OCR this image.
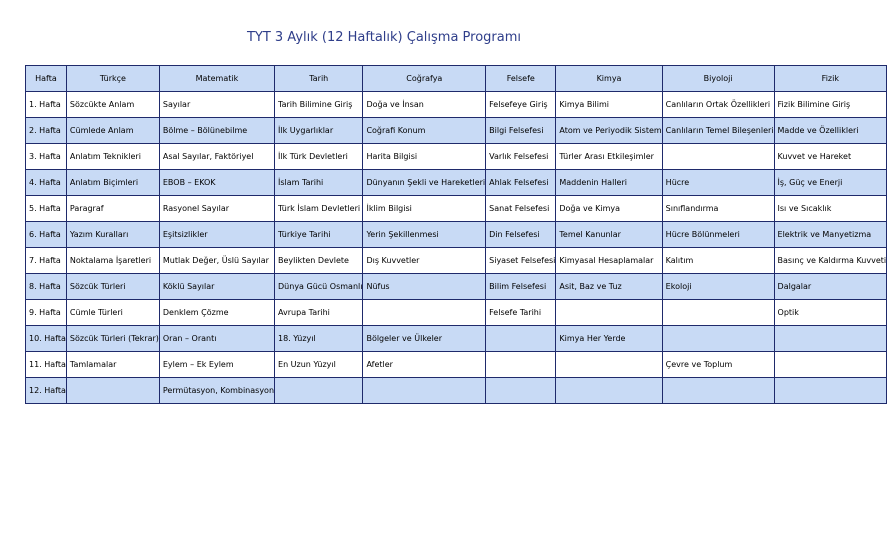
TYT 3 Aylık (12 Haftalık) Çalışma Programı
Hafta	Türkçe	Matematik	Tarih	Coğrafya	Felsefe	Kimya	Biyoloji	Fizik
1. Hafta	Sözcükte Anlam	Sayılar	Tarih Bilimine Giriş	Doğa ve İnsan	Felsefeye Giriş	Kimya Bilimi	Canlıların Ortak Özellikleri	Fizik Bilimine Giriş
2. Hafta	Cümlede Anlam	Bölme – Bölünebilme	İlk Uygarlıklar	Coğrafi Konum	Bilgi Felsefesi	Atom ve Periyodik Sistem	Canlıların Temel Bileşenleri	Madde ve Özellikleri
3. Hafta	Anlatım Teknikleri	Asal Sayılar, Faktöriyel	İlk Türk Devletleri	Harita Bilgisi	Varlık Felsefesi	Türler Arası Etkileşimler		Kuvvet ve Hareket
4. Hafta	Anlatım Biçimleri	EBOB – EKOK	İslam Tarihi	Dünyanın Şekli ve Hareketleri	Ahlak Felsefesi	Maddenin Halleri	Hücre	İş, Güç ve Enerji
5. Hafta	Paragraf	Rasyonel Sayılar	Türk İslam Devletleri	İklim Bilgisi	Sanat Felsefesi	Doğa ve Kimya	Sınıflandırma	Isı ve Sıcaklık
6. Hafta	Yazım Kuralları	Eşitsizlikler	Türkiye Tarihi	Yerin Şekillenmesi	Din Felsefesi	Temel Kanunlar	Hücre Bölünmeleri	Elektrik ve Manyetizma
7. Hafta	Noktalama İşaretleri	Mutlak Değer, Üslü Sayılar	Beylikten Devlete	Dış Kuvvetler	Siyaset Felsefesi	Kimyasal Hesaplamalar	Kalıtım	Basınç ve Kaldırma Kuvveti
8. Hafta	Sözcük Türleri	Köklü Sayılar	Dünya Gücü Osmanlı	Nüfus	Bilim Felsefesi	Asit, Baz ve Tuz	Ekoloji	Dalgalar
9. Hafta	Cümle Türleri	Denklem Çözme	Avrupa Tarihi		Felsefe Tarihi			Optik
10. Hafta	Sözcük Türleri (Tekrar)	Oran – Orantı	18. Yüzyıl	Bölgeler ve Ülkeler		Kimya Her Yerde		
11. Hafta	Tamlamalar	Eylem – Ek Eylem	En Uzun Yüzyıl	Afetler			Çevre ve Toplum	
12. Hafta		Permütasyon, Kombinasyon						
